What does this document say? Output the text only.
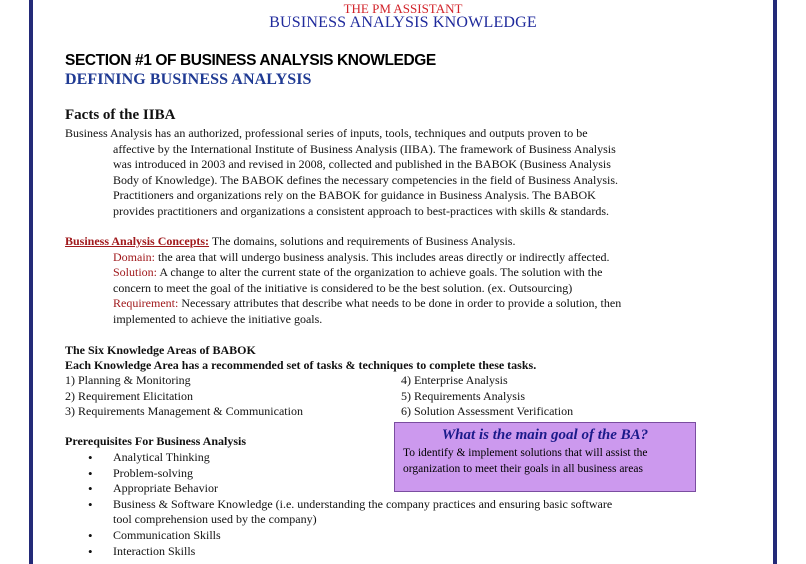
THE PM ASSISTANT
BUSINESS ANALYSIS KNOWLEDGE
SECTION #1 OF BUSINESS ANALYSIS KNOWLEDGE
DEFINING BUSINESS ANALYSIS
Facts of the IIBA
Business Analysis has an authorized, professional series of inputs, tools, techniques and outputs proven to be
affective by the International Institute of Business Analysis (IIBA). The framework of Business Analysis
was introduced in 2003 and revised in 2008, collected and published in the BABOK (Business Analysis
Body of Knowledge). The BABOK defines the necessary competencies in the field of Business Analysis.
Practitioners and organizations rely on the BABOK for guidance in Business Analysis. The BABOK
provides practitioners and organizations a consistent approach to best-practices with skills & standards.
Business Analysis Concepts: The domains, solutions and requirements of Business Analysis.
Domain: the area that will undergo business analysis. This includes areas directly or indirectly affected.
Solution: A change to alter the current state of the organization to achieve goals. The solution with the
concern to meet the goal of the initiative is considered to be the best solution. (ex. Outsourcing)
Requirement: Necessary attributes that describe what needs to be done in order to provide a solution, then
implemented to achieve the initiative goals.
The Six Knowledge Areas of BABOK
Each Knowledge Area has a recommended set of tasks & techniques to complete these tasks.
1) Planning & Monitoring
2) Requirement Elicitation
3) Requirements Management & Communication
4) Enterprise Analysis
5) Requirements Analysis
6) Solution Assessment Verification
Prerequisites For Business Analysis
• Analytical Thinking
• Problem-solving
• Appropriate Behavior
• Business & Software Knowledge (i.e. understanding the company practices and ensuring basic software
tool comprehension used by the company)
• Communication Skills
• Interaction Skills
What is the main goal of the BA?
To identify & implement solutions that will assist the organization to meet their goals in all business areas
